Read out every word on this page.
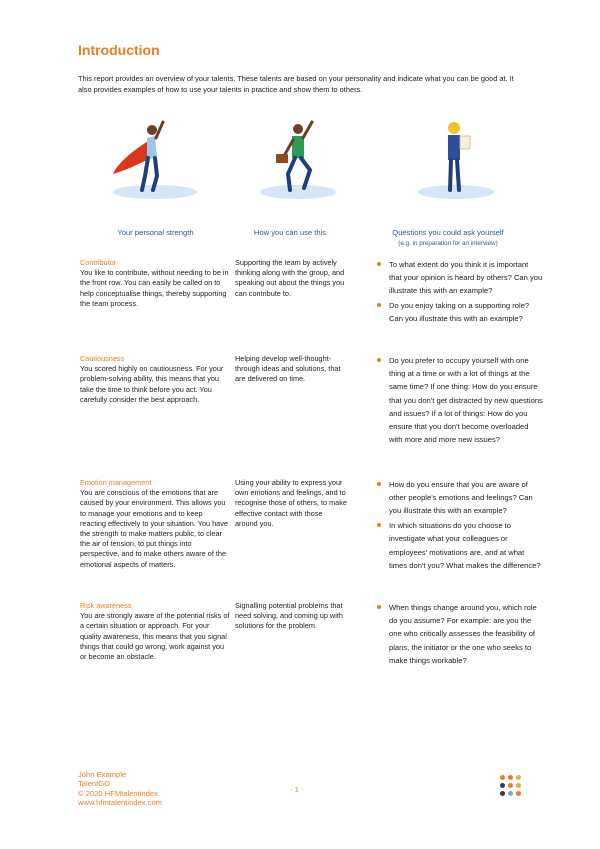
Introduction
This report provides an overview of your talents. These talents are based on your personality and indicate what you can be good at. It also provides examples of how to use your talents in practice and show them to others.
Your personal strength	How you can use this	Questions you could ask yourself
(e.g. in preparation for an interview)
Contributor
You like to contribute, without needing to be in the front row. You can easily be called on to help conceptualise things, thereby supporting the team process.
Supporting the team by actively thinking along with the group, and speaking out about the things you can contribute to.
To what extent do you think it is important that your opinion is heard by others? Can you illustrate this with an example?
Do you enjoy taking on a supporting role? Can you illustrate this with an example?
Cautiousness
You scored highly on cautiousness. For your problem-solving ability, this means that you take the time to think before you act. You carefully consider the best approach.
Helping develop well-thought-through ideas and solutions, that are delivered on time.
Do you prefer to occupy yourself with one thing at a time or with a lot of things at the same time? If one thing: How do you ensure that you don't get distracted by new questions and issues? If a lot of things: How do you ensure that you don't become overloaded with more and more new issues?
Emotion management
You are conscious of the emotions that are caused by your environment. This allows you to manage your emotions and to keep reacting effectively to your situation. You have the strength to make matters public, to clear the air of tension, to put things into perspective, and to make others aware of the emotional aspects of matters.
Using your ability to express your own emotions and feelings, and to recognise those of others, to make effective contact with those around you.
How do you ensure that you are aware of other people's emotions and feelings? Can you illustrate this with an example?
In which situations do you choose to investigate what your colleagues or employees' motivations are, and at what times don't you? What makes the difference?
Risk awareness
You are strongly aware of the potential risks of a certain situation or approach. For your quality awareness, this means that you signal things that could go wrong, work against you or become an obstacle.
Signalling potential problems that need solving, and coming up with solutions for the problem.
When things change around you, which role do you assume? For example: are you the one who critically assesses the feasibility of plans, the initiator or the one who seeks to make things workable?
John Example
TalentGO
© 2020 HFMtalentindex
www.hfmtalentindex.com
- 1 -
